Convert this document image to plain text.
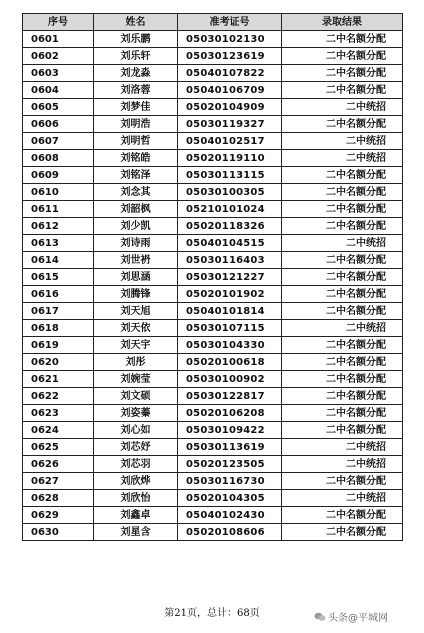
序号	姓名	准考证号	录取结果
0601	刘乐鹏	05030102130	二中名额分配
0602	刘乐轩	05030123619	二中名额分配
0603	刘龙淼	05040107822	二中名额分配
0604	刘洛蓉	05040106709	二中名额分配
0605	刘梦佳	05020104909	二中统招
0606	刘明浩	05030119327	二中名额分配
0607	刘明哲	05040102517	二中统招
0608	刘铭皓	05020119110	二中统招
0609	刘铭泽	05030113115	二中名额分配
0610	刘念其	05030100305	二中名额分配
0611	刘韶枫	05210101024	二中名额分配
0612	刘少凯	05020118326	二中名额分配
0613	刘诗雨	05040104515	二中统招
0614	刘世袇	05030116403	二中名额分配
0615	刘思涵	05030121227	二中名额分配
0616	刘腾锋	05020101902	二中名额分配
0617	刘天旭	05040101814	二中名额分配
0618	刘天依	05030107115	二中统招
0619	刘天宇	05030104330	二中名额分配
0620	刘彤	05020100618	二中名额分配
0621	刘婉莹	05030100902	二中名额分配
0622	刘文硕	05030122817	二中名额分配
0623	刘姿蓁	05020106208	二中名额分配
0624	刘心如	05030109422	二中名额分配
0625	刘芯妤	05030113619	二中统招
0626	刘芯羽	05020123505	二中统招
0627	刘欣烨	05030116730	二中名额分配
0628	刘欣怡	05020104305	二中统招
0629	刘鑫卓	05040102430	二中名额分配
0630	刘星含	05020108606	二中名额分配
第21页，总计：68页	头条@平城网
